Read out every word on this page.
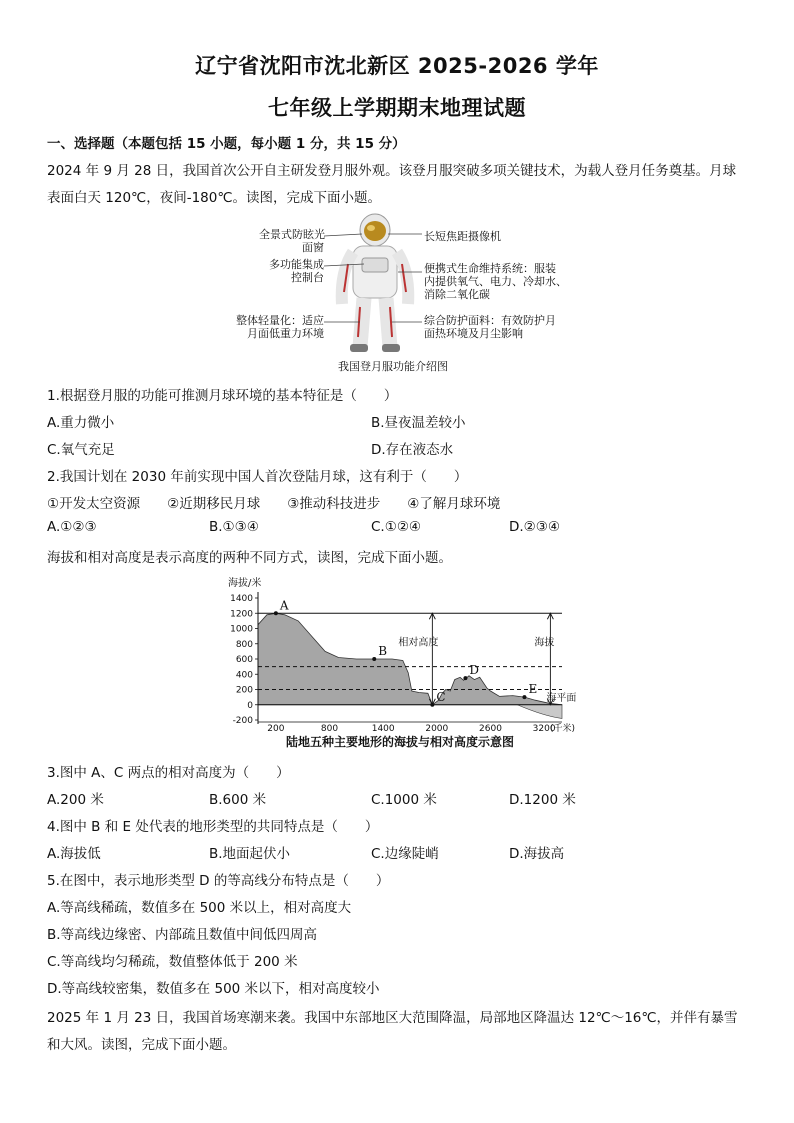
辽宁省沈阳市沈北新区 2025-2026 学年
七年级上学期期末地理试题
一、选择题（本题包括 15 小题，每小题 1 分，共 15 分）
2024 年 9 月 28 日，我国首次公开自主研发登月服外观。该登月服突破多项关键技术，为载人登月任务奠基。月球
表面白天 120℃，夜间-180℃。读图，完成下面小题。
全景式防眩光
面窗
多功能集成
控制台
整体轻量化：适应
月面低重力环境
长短焦距摄像机
便携式生命维持系统：服装
内提供氧气、电力、冷却水、
消除二氧化碳
综合防护面料：有效防护月
面热环境及月尘影响
我国登月服功能介绍图
1.根据登月服的功能可推测月球环境的基本特征是（　　）
A.重力微小	B.昼夜温差较小
C.氧气充足	D.存在液态水
2.我国计划在 2030 年前实现中国人首次登陆月球，这有利于（　　）
①开发太空资源　　②近期移民月球　　③推动科技进步　　④了解月球环境
A.①②③	B.①③④	C.①②④	D.②③④
海拔和相对高度是表示高度的两种不同方式，读图，完成下面小题。
1400
1200
1000
800
600
400
200
0
-200
200	800	1400	2000	2600	3200
(千米)
海拔/米
相对高度	海拔
海平面
A
B
C
D
E
陆地五种主要地形的海拔与相对高度示意图
3.图中 A、C 两点的相对高度为（　　）
A.200 米	B.600 米	C.1000 米	D.1200 米
4.图中 B 和 E 处代表的地形类型的共同特点是（　　）
A.海拔低	B.地面起伏小	C.边缘陡峭	D.海拔高
5.在图中，表示地形类型 D 的等高线分布特点是（　　）
A.等高线稀疏，数值多在 500 米以上，相对高度大
B.等高线边缘密、内部疏且数值中间低四周高
C.等高线均匀稀疏，数值整体低于 200 米
D.等高线较密集，数值多在 500 米以下，相对高度较小
2025 年 1 月 23 日，我国首场寒潮来袭。我国中东部地区大范围降温，局部地区降温达 12℃～16℃，并伴有暴雪
和大风。读图，完成下面小题。
